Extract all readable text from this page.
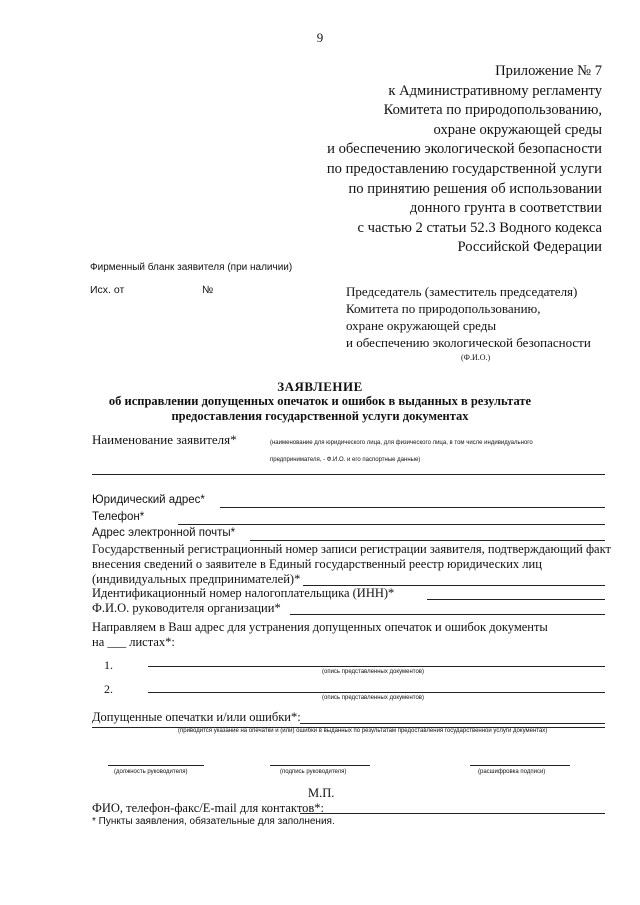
9
Приложение № 7
к Административному регламенту
Комитета по природопользованию,
охране окружающей среды
и обеспечению экологической безопасности
по предоставлению государственной услуги
по принятию решения об использовании
донного грунта в соответствии
с частью 2 статьи 52.3 Водного кодекса
Российской Федерации
Фирменный бланк заявителя (при наличии)
Исх. от	№	Председатель (заместитель председателя)
Комитета по природопользованию,
охране окружающей среды
и обеспечению экологической безопасности
(Ф.И.О.)
ЗАЯВЛЕНИЕ
об исправлении допущенных опечаток и ошибок в выданных в результате
предоставления государственной услуги документах
Наименование заявителя*	(наименование для юридического лица, для физического лица, в том числе индивидуального
предпринимателя, - Ф.И.О. и его паспортные данные)
Юридический адрес*
Телефон*
Адрес электронной почты*
Государственный регистрационный номер записи регистрации заявителя, подтверждающий факт
внесения сведений о заявителе в Единый государственный реестр юридических лиц
(индивидуальных предпринимателей)*
Идентификационный номер налогоплательщика (ИНН)*
Ф.И.О. руководителя организации*
Направляем в Ваш адрес для устранения допущенных опечаток и ошибок документы
на ___ листах*:
1.	(опись представленных документов)
2.
(опись представленных документов)
Допущенные опечатки и/или ошибки*:
(приводится указание на опечатки и (или) ошибки в выданных по результатам предоставления государственной услуги документах)
(должность руководителя)	(подпись руководителя)	(расшифровка подписи)
М.П.
ФИО, телефон-факс/E-mail для контактов*:
* Пункты заявления, обязательные для заполнения.
